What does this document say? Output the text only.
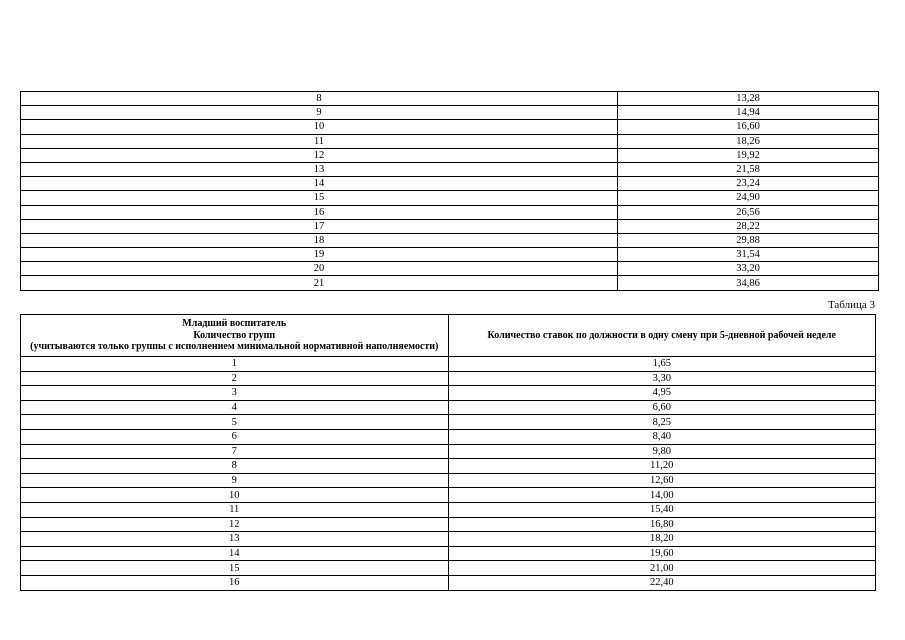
8	13,28
9	14,94
10	16,60
11	18,26
12	19,92
13	21,58
14	23,24
15	24,90
16	26,56
17	28,22
18	29,88
19	31,54
20	33,20
21	34,86
Таблица 3
Младший воспитатель
Количество групп
(учитываются только группы с исполнением минимальной нормативной наполняемости)	Количество ставок по должности в одну смену при 5-дневной рабочей неделе
1	1,65
2	3,30
3	4,95
4	6,60
5	8,25
6	8,40
7	9,80
8	11,20
9	12,60
10	14,00
11	15,40
12	16,80
13	18,20
14	19,60
15	21,00
16	22,40
